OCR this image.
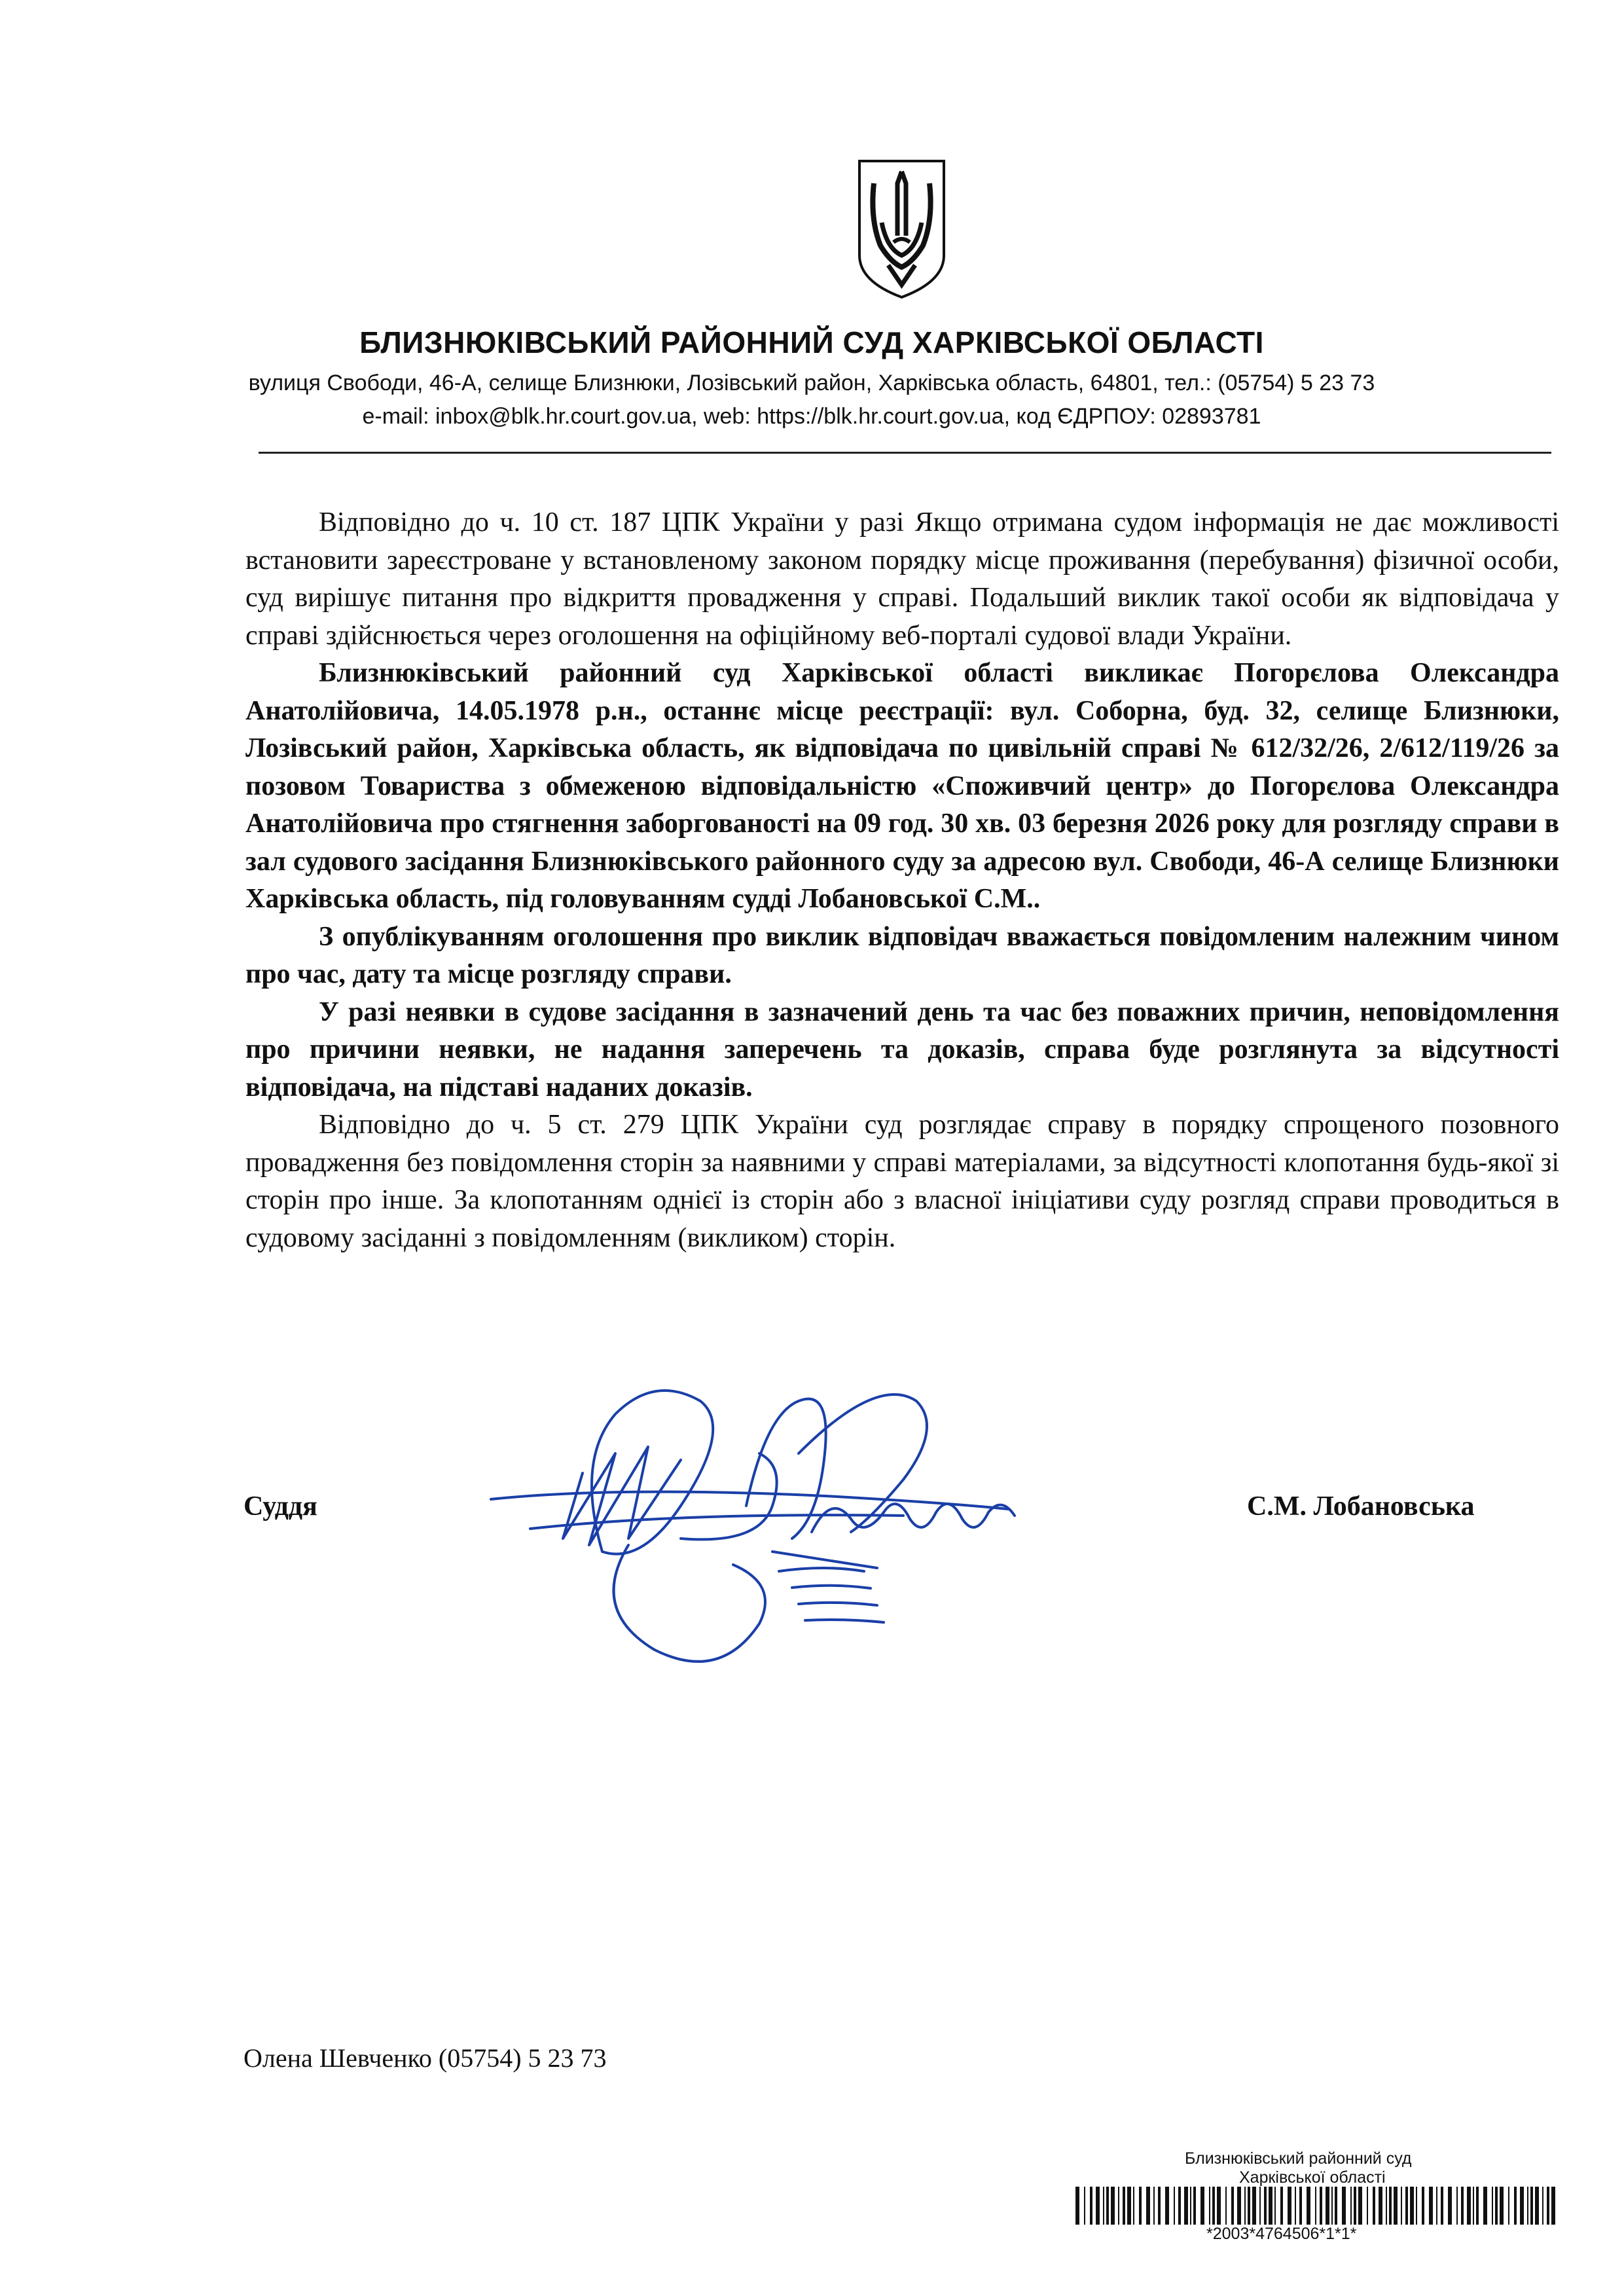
БЛИЗНЮКІВСЬКИЙ РАЙОННИЙ СУД ХАРКІВСЬКОЇ ОБЛАСТІ
вулиця Свободи, 46-А, селище Близнюки, Лозівський район, Харківська область, 64801, тел.: (05754) 5 23 73
e-mail: inbox@blk.hr.court.gov.ua, web: https://blk.hr.court.gov.ua, код ЄДРПОУ: 02893781

Відповідно до ч. 10 ст. 187 ЦПК України у разі Якщо отримана судом інформація не дає можливості встановити зареєстроване у встановленому законом порядку місце проживання (перебування) фізичної особи, суд вирішує питання про відкриття провадження у справі. Подальший виклик такої особи як відповідача у справі здійснюється через оголошення на офіційному веб-порталі судової влади України.

Близнюківський районний суд Харківської області викликає Погорєлова Олександра Анатолійовича, 14.05.1978 р.н., останнє місце реєстрації: вул. Соборна, буд. 32, селище Близнюки, Лозівський район, Харківська область, як відповідача по цивільній справі № 612/32/26, 2/612/119/26 за позовом Товариства з обмеженою відповідальністю «Споживчий центр» до Погорєлова Олександра Анатолійовича про стягнення заборгованості на 09 год. 30 хв. 03 березня 2026 року для розгляду справи в зал судового засідання Близнюківського районного суду за адресою вул. Свободи, 46-А селище Близнюки Харківська область, під головуванням судді Лобановської С.М..

З опублікуванням оголошення про виклик відповідач вважається повідомленим належним чином про час, дату та місце розгляду справи.

У разі неявки в судове засідання в зазначений день та час без поважних причин, неповідомлення про причини неявки, не надання заперечень та доказів, справа буде розглянута за відсутності відповідача, на підставі наданих доказів.

Відповідно до ч. 5 ст. 279 ЦПК України суд розглядає справу в порядку спрощеного позовного провадження без повідомлення сторін за наявними у справі матеріалами, за відсутності клопотання будь-якої зі сторін про інше. За клопотанням однієї із сторін або з власної ініціативи суду розгляд справи проводиться в судовому засіданні з повідомленням (викликом) сторін.

Суддя	С.М. Лобановська
Олена Шевченко (05754) 5 23 73
Близнюківський районний суд
Харківської області
*2003*4764506*1*1*
